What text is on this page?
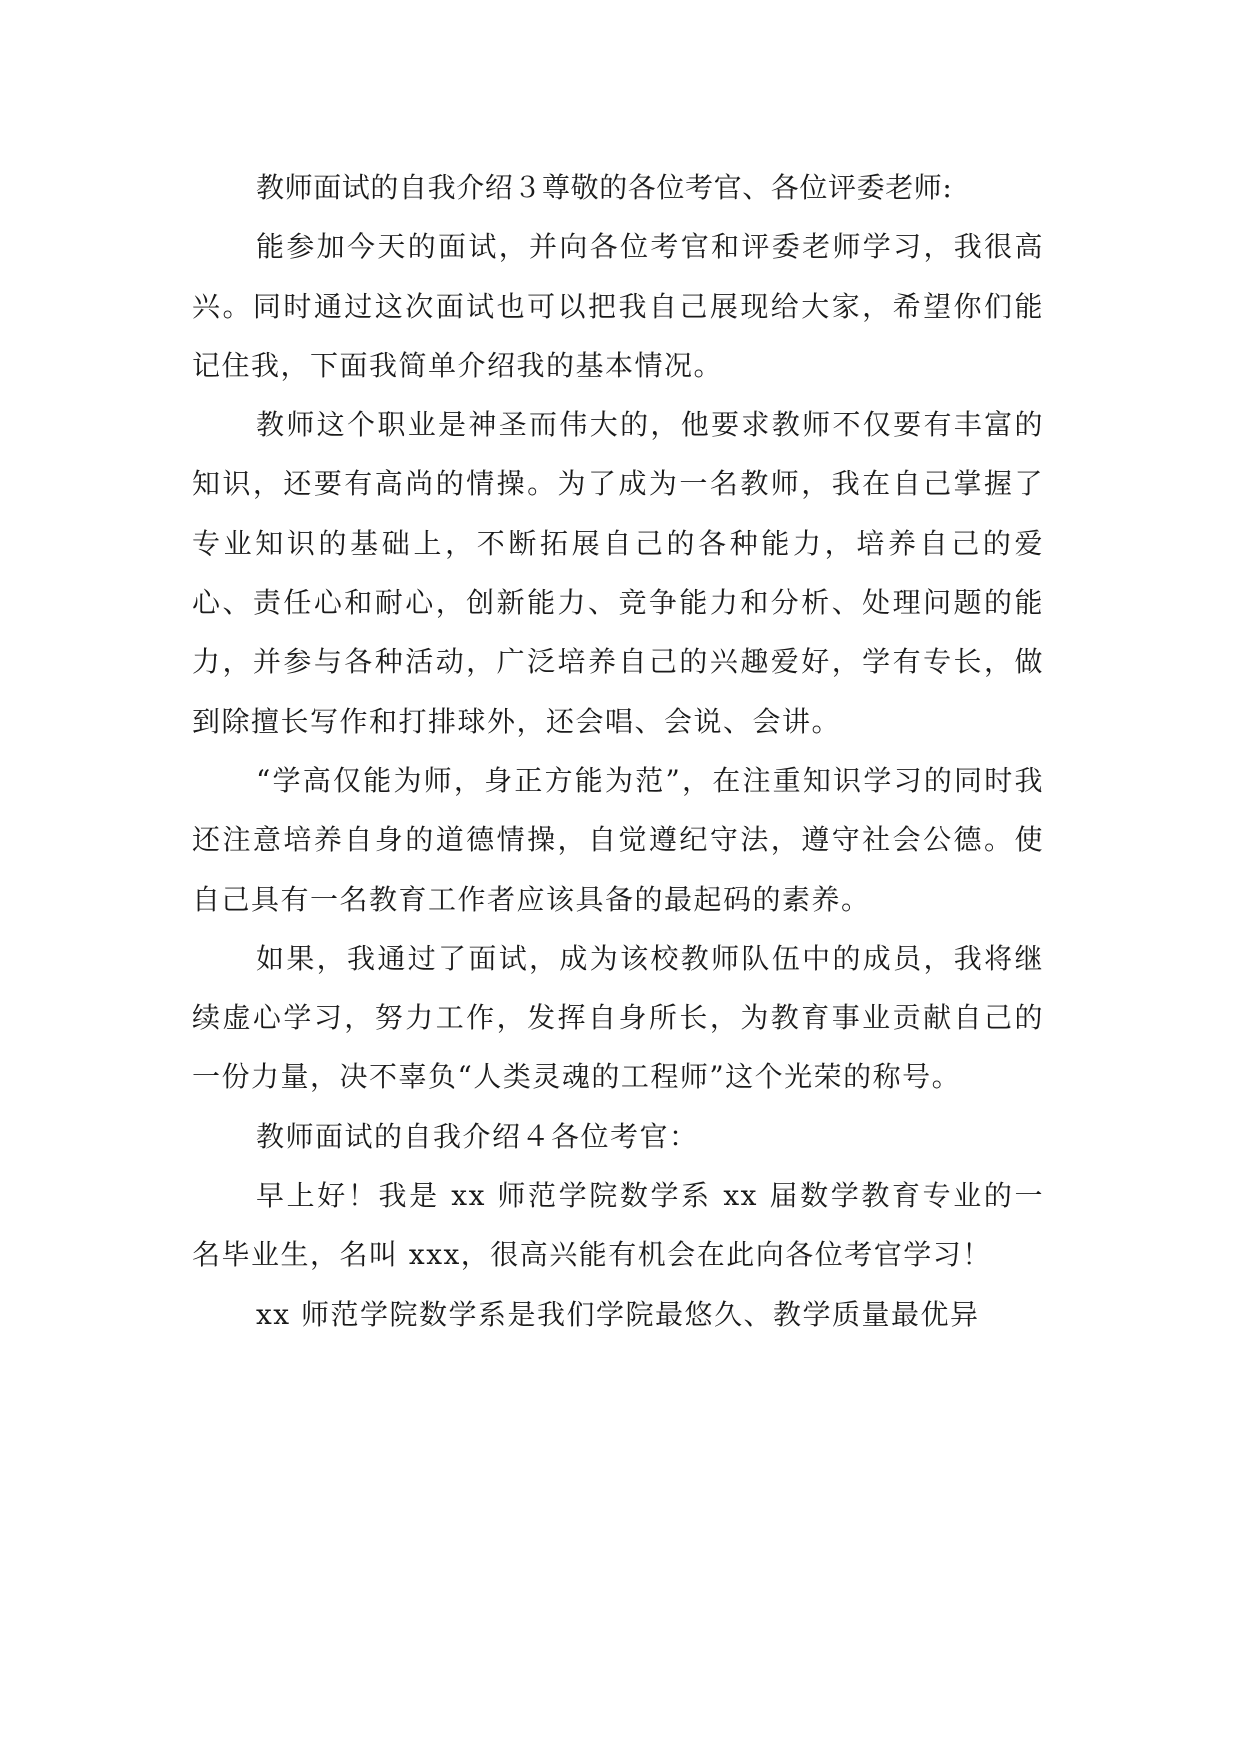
教师面试的自我介绍３尊敬的各位考官、各位评委老师:

能参加今天的面试，并向各位考官和评委老师学习，我很高兴。同时通过这次面试也可以把我自己展现给大家，希望你们能记住我，下面我简单介绍我的基本情况。

教师这个职业是神圣而伟大的，他要求教师不仅要有丰富的知识，还要有高尚的情操。为了成为一名教师，我在自己掌握了专业知识的基础上，不断拓展自己的各种能力，培养自己的爱心、责任心和耐心，创新能力、竞争能力和分析、处理问题的能力，并参与各种活动，广泛培养自己的兴趣爱好，学有专长，做到除擅长写作和打排球外，还会唱、会说、会讲。

“学高仅能为师，身正方能为范”，在注重知识学习的同时我还注意培养自身的道德情操，自觉遵纪守法，遵守社会公德。使自己具有一名教育工作者应该具备的最起码的素养。

如果，我通过了面试，成为该校教师队伍中的成员，我将继续虚心学习，努力工作，发挥自身所长，为教育事业贡献自己的一份力量，决不辜负“人类灵魂的工程师”这个光荣的称号。

教师面试的自我介绍４各位考官：

早上好！我是 xx 师范学院数学系 xx 届数学教育专业的一名毕业生，名叫 xxx，很高兴能有机会在此向各位考官学习！

xx 师范学院数学系是我们学院最悠久、教学质量最优异
